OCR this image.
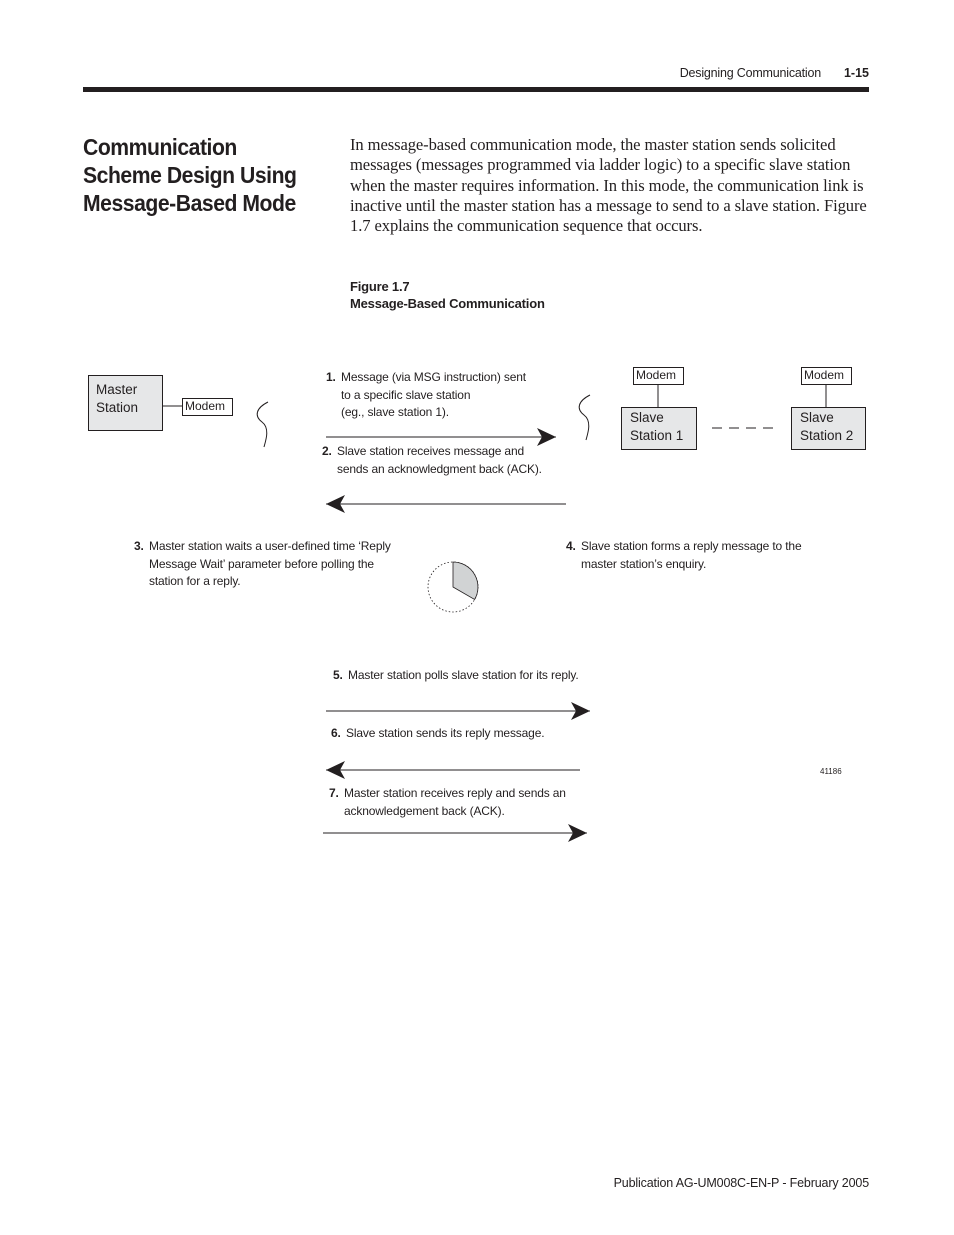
Designing Communication 1-15
Communication Scheme Design Using Message-Based Mode
In message-based communication mode, the master station sends solicited messages (messages programmed via ladder logic) to a specific slave station when the master requires information. In this mode, the communication link is inactive until the master station has a message to send to a slave station. Figure 1.7 explains the communication sequence that occurs.
Figure 1.7
Message-Based Communication
Master
Station	Modem
Modem
Slave
Station 1
Modem
Slave
Station 2
1. Message (via MSG instruction) sent
to a specific slave station
(eg., slave station 1).
2. Slave station receives message and
sends an acknowledgment back (ACK).
3. Master station waits a user-defined time ‘Reply
Message Wait’ parameter before polling the
station for a reply.
4. Slave station forms a reply message to the
master station’s enquiry.
5. Master station polls slave station for its reply.
6. Slave station sends its reply message.
7. Master station receives reply and sends an
acknowledgement back (ACK).
41186
Publication AG-UM008C-EN-P - February 2005
